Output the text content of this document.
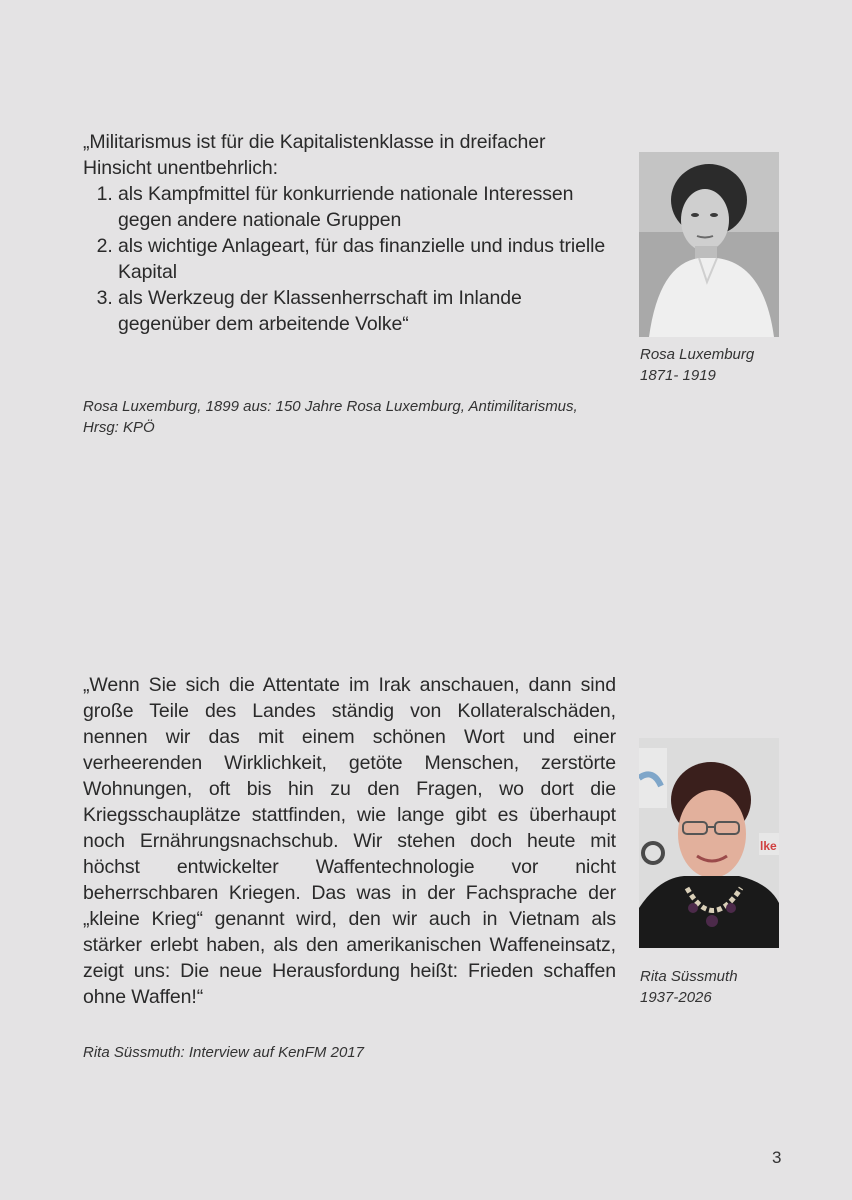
„Militarismus ist für die Kapitalistenklasse in dreifacher Hinsicht unentbehrlich:
1. als Kampfmittel für konkurriende nationale Interessen gegen andere nationale Gruppen
2. als wichtige Anlageart, für das finanzielle und indus trielle Kapital
3. als Werkzeug der Klassenherrschaft im Inlande gegenüber dem arbeitende Volke“

Rosa Luxemburg, 1899 aus: 150 Jahre Rosa Luxemburg, Antimilitarismus, Hrsg: KPÖ

Rosa Luxemburg
1871- 1919

„Wenn Sie sich die Attentate im Irak anschauen, dann sind große Teile des Landes ständig von Kollateralschäden, nennen wir das mit einem schönen Wort und einer verheerenden Wirklichkeit, getöte Menschen, zerstörte Wohnungen, oft bis hin zu den Fragen, wo dort die Kriegsschauplätze stattfinden, wie lange gibt es überhaupt noch Ernährungsnachschub. Wir stehen doch heute mit höchst entwickelter Waffentechnologie vor nicht beherrschbaren Kriegen. Das was in der Fachsprache der „kleine Krieg“ genannt wird, den wir auch in Vietnam als stärker erlebt haben, als den amerikanischen Waffeneinsatz, zeigt uns: Die neue Herausfordung heißt: Frieden schaffen ohne Waffen!“

Rita Süssmuth: Interview auf KenFM 2017

lke
Rita Süssmuth
1937-2026
3
